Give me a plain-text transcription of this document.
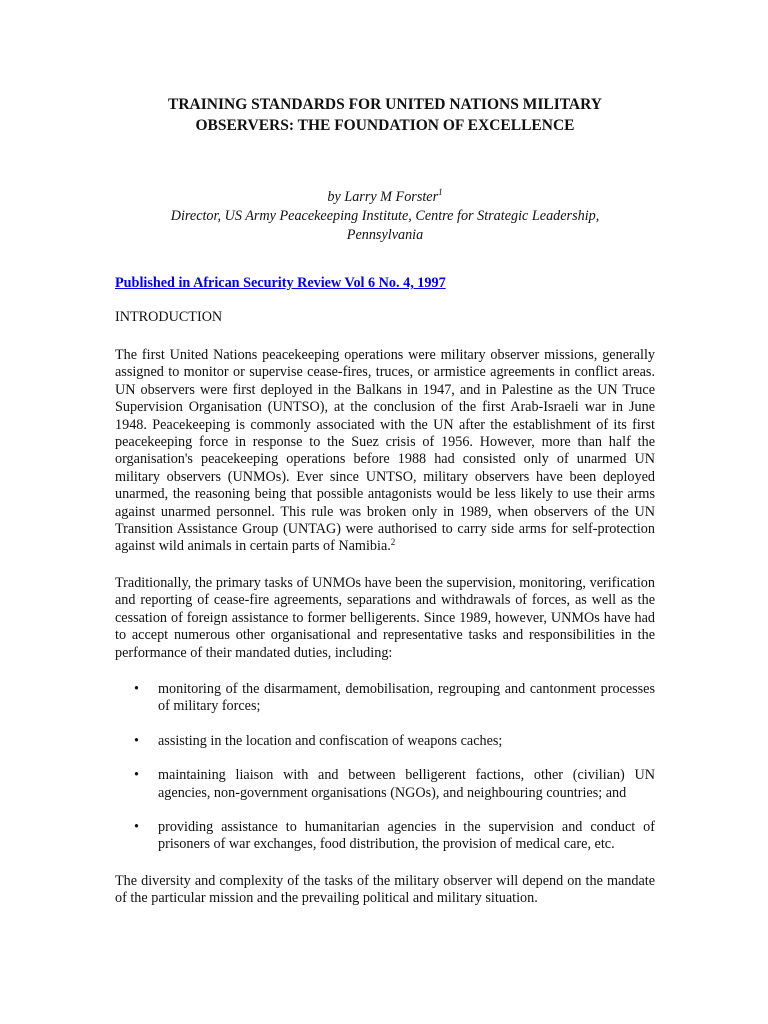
TRAINING STANDARDS FOR UNITED NATIONS MILITARY
OBSERVERS: THE FOUNDATION OF EXCELLENCE
by Larry M Forster$^1$
Director, US Army Peacekeeping Institute, Centre for Strategic Leadership,
Pennsylvania
Published in African Security Review Vol 6 No. 4, 1997
INTRODUCTION

The first United Nations peacekeeping operations were military observer missions, generally assigned to monitor or supervise cease-fires, truces, or armistice agreements in conflict areas. UN observers were first deployed in the Balkans in 1947, and in Palestine as the UN Truce Supervision Organisation (UNTSO), at the conclusion of the first Arab-Israeli war in June 1948. Peacekeeping is commonly associated with the UN after the establishment of its first peacekeeping force in response to the Suez crisis of 1956. However, more than half the organisation's peacekeeping operations before 1988 had consisted only of unarmed UN military observers (UNMOs). Ever since UNTSO, military observers have been deployed unarmed, the reasoning being that possible antagonists would be less likely to use their arms against unarmed personnel. This rule was broken only in 1989, when observers of the UN Transition Assistance Group (UNTAG) were authorised to carry side arms for self-protection against wild animals in certain parts of Namibia.$^2$

Traditionally, the primary tasks of UNMOs have been the supervision, monitoring, verification and reporting of cease-fire agreements, separations and withdrawals of forces, as well as the cessation of foreign assistance to former belligerents. Since 1989, however, UNMOs have had to accept numerous other organisational and representative tasks and responsibilities in the performance of their mandated duties, including:

• monitoring of the disarmament, demobilisation, regrouping and cantonment processes of military forces;
• assisting in the location and confiscation of weapons caches;
• maintaining liaison with and between belligerent factions, other (civilian) UN agencies, non-government organisations (NGOs), and neighbouring countries; and
• providing assistance to humanitarian agencies in the supervision and conduct of prisoners of war exchanges, food distribution, the provision of medical care, etc.

The diversity and complexity of the tasks of the military observer will depend on the mandate of the particular mission and the prevailing political and military situation.
